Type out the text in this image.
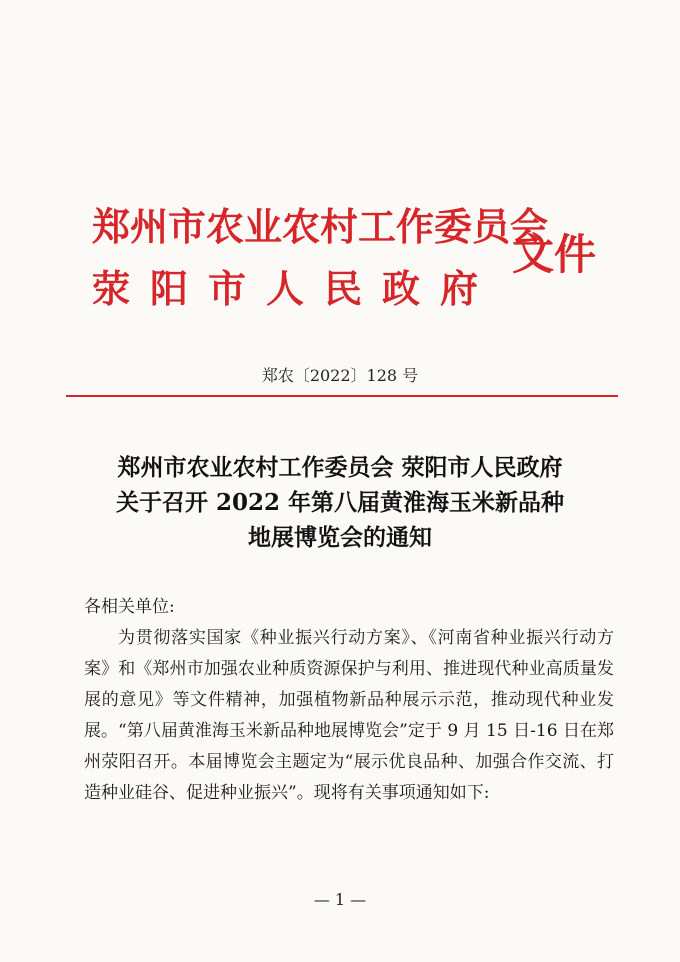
郑州市农业农村工作委员会
荥阳市人民政府
文件
郑农〔2022〕128 号
郑州市农业农村工作委员会 荥阳市人民政府
关于召开 2022 年第八届黄淮海玉米新品种
地展博览会的通知

各相关单位:

为贯彻落实国家《种业振兴行动方案》、《河南省种业振兴行动方案》和《郑州市加强农业种质资源保护与利用、推进现代种业高质量发展的意见》等文件精神，加强植物新品种展示示范，推动现代种业发展。“第八届黄淮海玉米新品种地展博览会”定于 9 月 15 日-16 日在郑州荥阳召开。本届博览会主题定为“展示优良品种、加强合作交流、打造种业硅谷、促进种业振兴”。现将有关事项通知如下:

— 1 —
